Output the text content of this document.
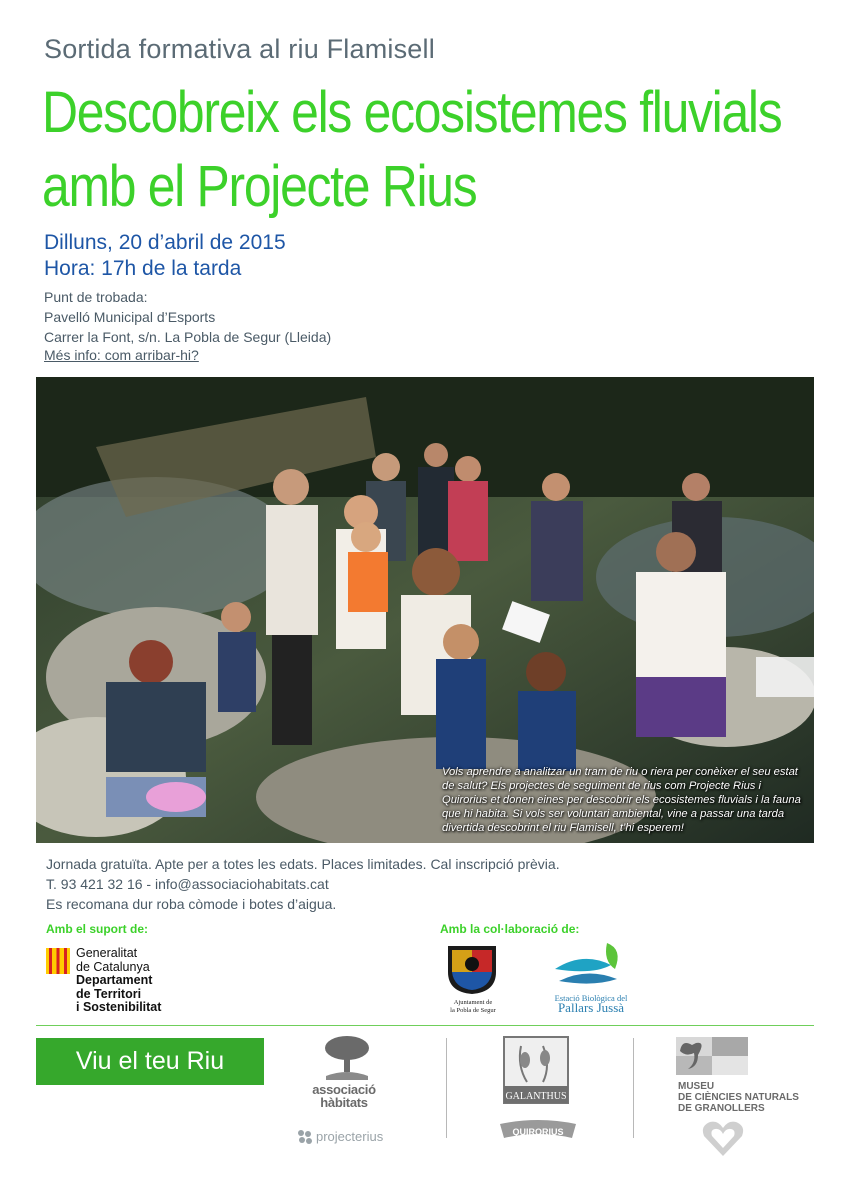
Sortida formativa al riu Flamisell
Descobreix els ecosistemes fluvials
amb el Projecte Rius
Dilluns, 20 d’abril de 2015
Hora: 17h de la tarda
Punt de trobada:
Pavelló Municipal d’Esports
Carrer la Font, s/n. La Pobla de Segur (Lleida)
Més info: com arribar-hi?
Vols aprendre a analitzar un tram de riu o riera per conèixer el seu estat de salut? Els projectes de seguiment de rius com Projecte Rius i Quirorius et donen eines per descobrir els ecosistemes fluvials i la fauna que hi habita. Si vols ser voluntari ambiental, vine a passar una tarda divertida descobrint el riu Flamisell, t’hi esperem!
Jornada gratuïta. Apte per a totes les edats. Places limitades. Cal inscripció prèvia.
T. 93 421 32 16 - info@associaciohabitats.cat
Es recomana dur roba còmode i botes d’aigua.
Amb el suport de:	Amb la col·laboració de:
Generalitat
de Catalunya
Departament
de Territori
i Sostenibilitat	Ajuntament de
la Pobla de Segur
Estació Biològica del
Pallars Jussà
Viu el teu Riu
associació
hàbitats
projecterius
GALANTHUS
QUIRORIUS
MUSEU
DE CIÈNCIES NATURALS
DE GRANOLLERS
